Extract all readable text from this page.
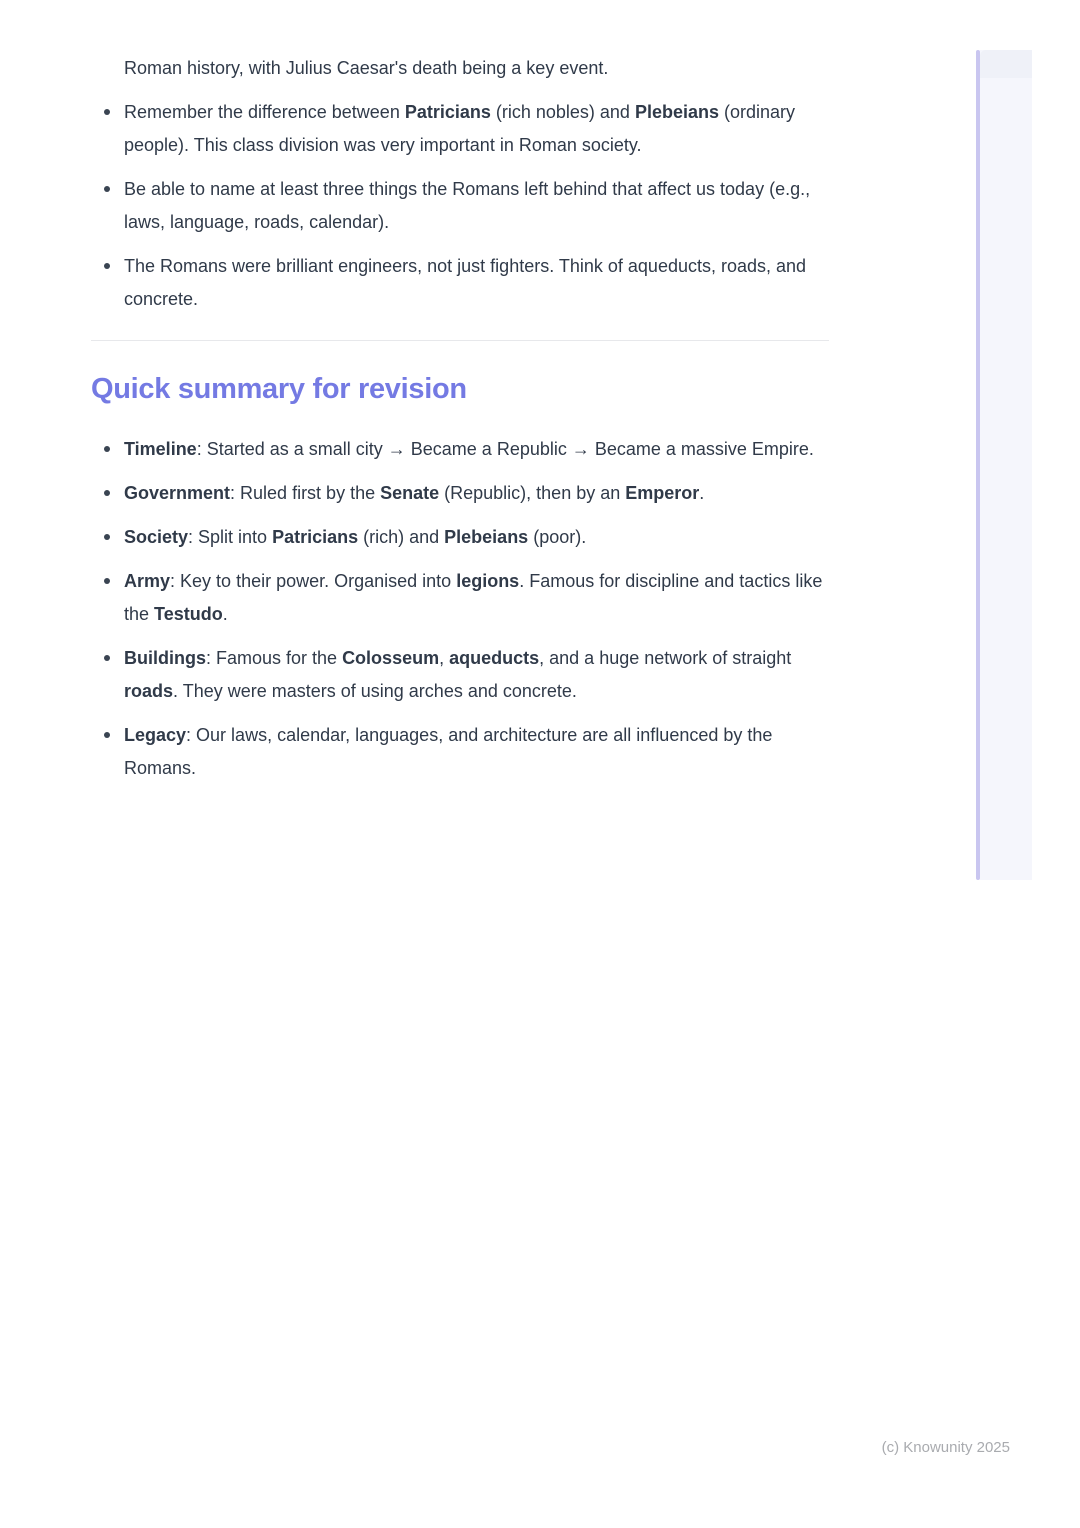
Roman history, with Julius Caesar's death being a key event.

Remember the difference between Patricians (rich nobles) and Plebeians (ordinary people). This class division was very important in Roman society.
Be able to name at least three things the Romans left behind that affect us today (e.g., laws, language, roads, calendar).
The Romans were brilliant engineers, not just fighters. Think of aqueducts, roads, and concrete.
Quick summary for revision
Timeline: Started as a small city → Became a Republic → Became a massive Empire.
Government: Ruled first by the Senate (Republic), then by an Emperor.
Society: Split into Patricians (rich) and Plebeians (poor).
Army: Key to their power. Organised into legions. Famous for discipline and tactics like the Testudo.
Buildings: Famous for the Colosseum, aqueducts, and a huge network of straight roads. They were masters of using arches and concrete.
Legacy: Our laws, calendar, languages, and architecture are all influenced by the Romans.
(c) Knowunity 2025
